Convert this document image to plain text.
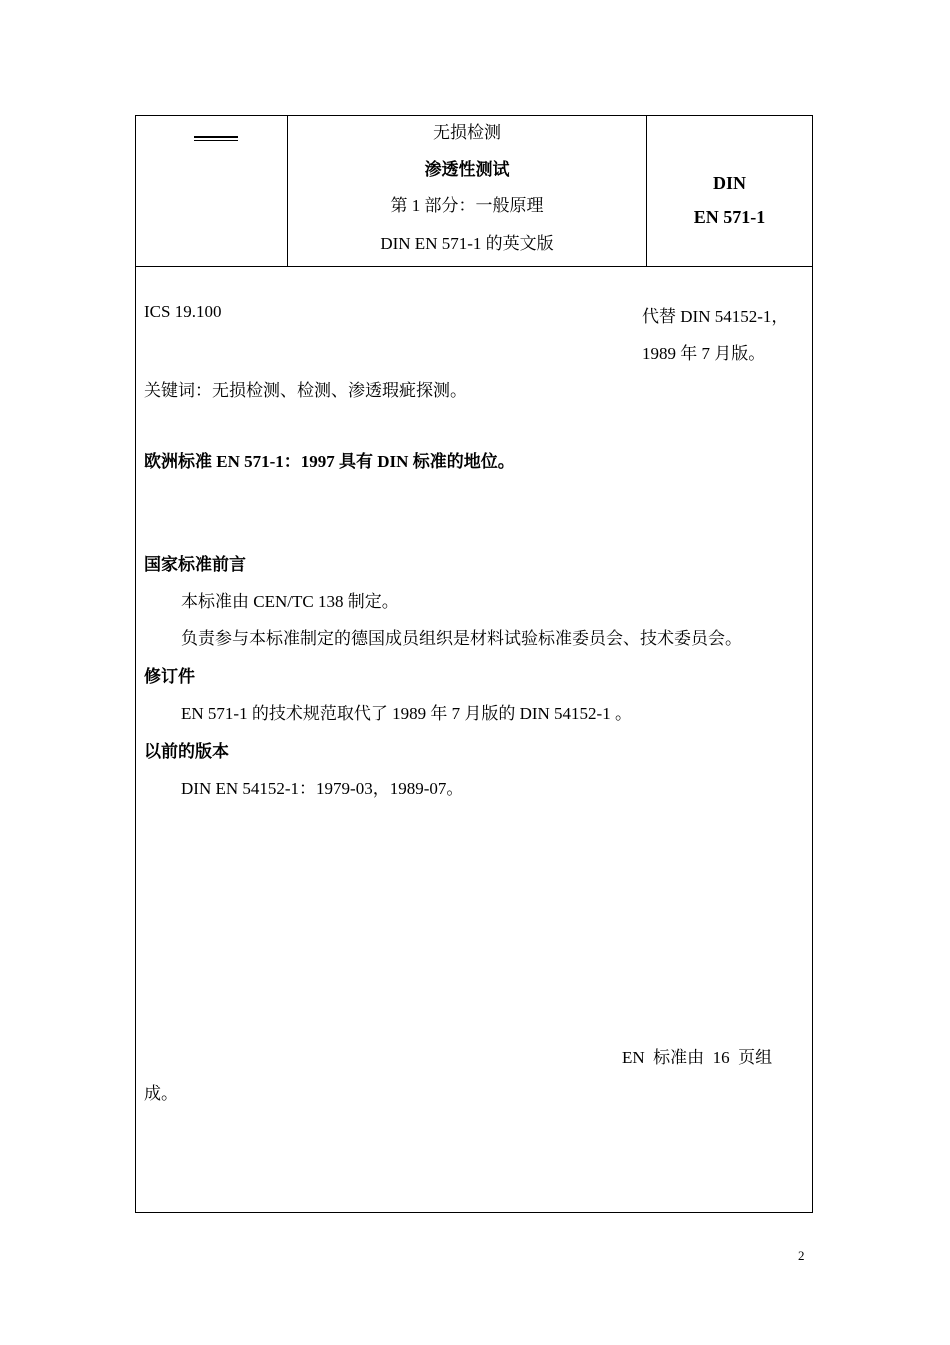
无损检测
渗透性测试
第 1 部分：一般原理
DIN EN 571-1 的英文版
DIN
EN 571-1
ICS 19.100	代替 DIN 54152-1，
1989 年 7 月版。
关键词：无损检测、检测、渗透瑕疵探测。
欧洲标准 EN 571-1：1997 具有 DIN 标准的地位。
国家标准前言
本标准由 CEN/TC 138 制定。
负责参与本标准制定的德国成员组织是材料试验标准委员会、技术委员会。
修订件
EN 571-1 的技术规范取代了 1989 年 7 月版的 DIN 54152-1 。
以前的版本
DIN EN 54152-1：1979-03，1989-07。
EN  标准由  16  页组
成。
2
